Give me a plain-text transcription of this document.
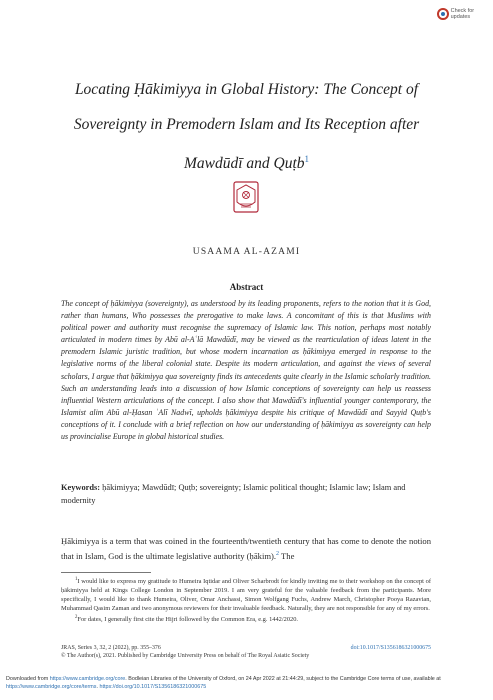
Check for updates
Locating Ḥākimiyya in Global History: The Concept of
Sovereignty in Premodern Islam and Its Reception after
Mawdūdī and Quṭb$^1$
USAAMA AL-AZAMI
Abstract
The concept of ḥākimiyya (sovereignty), as understood by its leading proponents, refers to the notion that it is God, rather than humans, Who possesses the prerogative to make laws. A concomitant of this is that Muslims with political power and authority must recognise the supremacy of Islamic law. This notion, perhaps most notably articulated in modern times by Abū al-Aʿlā Mawdūdī, may be viewed as the rearticulation of ideas latent in the premodern Islamic juristic tradition, but whose modern incarnation as ḥākimiyya emerged in response to the legislative norms of the liberal colonial state. Despite its modern articulation, and against the views of several scholars, I argue that ḥākimiyya qua sovereignty finds its antecedents quite clearly in the Islamic scholarly tradition. Such an understanding leads into a discussion of how Islamic conceptions of sovereignty can help us reassess influential Western articulations of the concept. I also show that Mawdūdī's influential younger contemporary, the Islamist alim Abū al-Ḥasan ʿAlī Nadwī, upholds ḥākimiyya despite his critique of Mawdūdī and Sayyid Quṭb's conceptions of it. I conclude with a brief reflection on how our understanding of ḥākimiyya as sovereignty can help us provincialise Europe in global historical studies.
Keywords: ḥākimiyya; Mawdūdī; Quṭb; sovereignty; Islamic political thought; Islamic law; Islam and modernity
Ḥākimiyya is a term that was coined in the fourteenth/twentieth century that has come to denote the notion that in Islam, God is the ultimate legislative authority (ḥākim).$^2$ The

$^1$I would like to express my gratitude to Humeira Iqtidar and Oliver Scharbrodt for kindly inviting me to their workshop on the concept of ḥākimiyya held at Kings College London in September 2019. I am very grateful for the valuable feedback from the participants. More specifically, I would like to thank Humeira, Oliver, Omar Anchassi, Simon Wolfgang Fuchs, Andrew March, Christopher Pooya Razavian, Muhammad Qasim Zaman and two anonymous reviewers for their invaluable feedback. Naturally, they are not responsible for any of my errors.

$^2$For dates, I generally first cite the Hijri followed by the Common Era, e.g. 1442/2020.

JRAS, Series 3, 32, 2 (2022), pp. 355–376	doi:10.1017/S1356186321000675
© The Author(s), 2021. Published by Cambridge University Press on behalf of The Royal Asiatic Society
Downloaded from https://www.cambridge.org/core. Bodleian Libraries of the University of Oxford, on 24 Apr 2022 at 21:44:29, subject to the Cambridge Core terms of use, available at https://www.cambridge.org/core/terms. https://doi.org/10.1017/S1356186321000675
